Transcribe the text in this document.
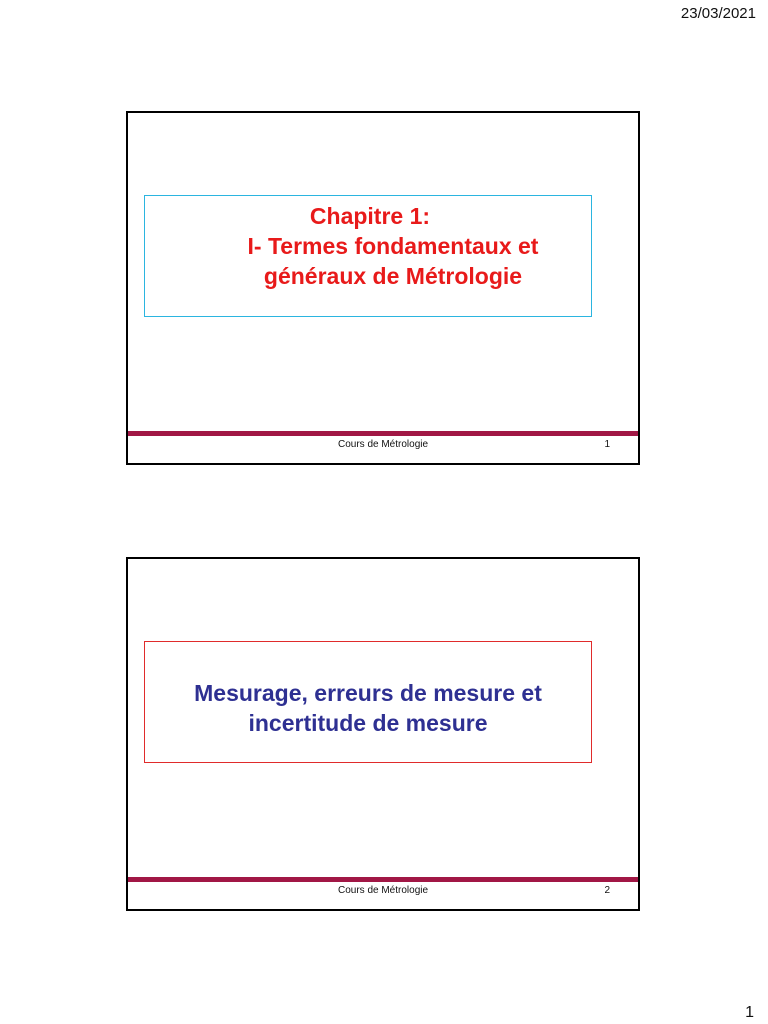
23/03/2021
Chapitre 1:
I- Termes fondamentaux et
généraux de Métrologie
Cours de Métrologie	1
Mesurage, erreurs de mesure et
incertitude de mesure
Cours de Métrologie	2
1
